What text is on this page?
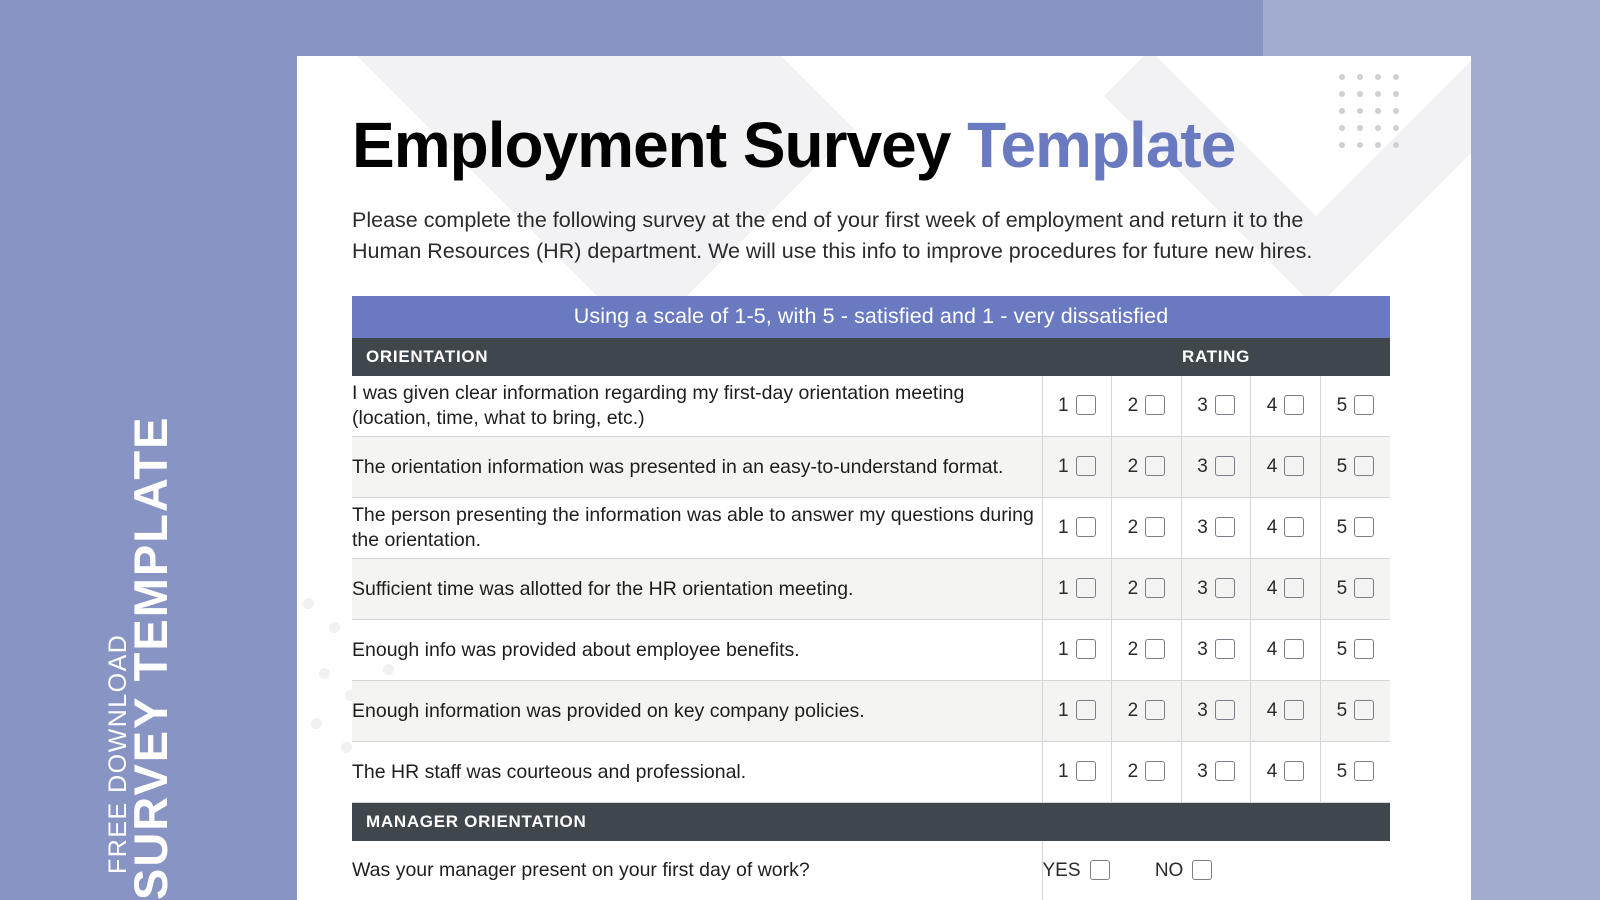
SURVEY TEMPLATE
FREE DOWNLOAD
Employment Survey Template

Please complete the following survey at the end of your first week of employment and return it to the Human Resources (HR) department. We will use this info to improve procedures for future new hires.

Using a scale of 1-5, with 5 - satisfied and 1 - very dissatisfied					
ORIENTATION	RATING				
I was given clear information regarding my first-day orientation meeting (location, time, what to bring, etc.)	1	2	3	4	5
The orientation information was presented in an easy-to-understand format.	1	2	3	4	5
The person presenting the information was able to answer my questions during the orientation.	1	2	3	4	5
Sufficient time was allotted for the HR orientation meeting.	1	2	3	4	5
Enough info was provided about employee benefits.	1	2	3	4	5
Enough information was provided on key company policies.	1	2	3	4	5
The HR staff was courteous and professional.	1	2	3	4	5
MANAGER ORIENTATION					
Was your manager present on your first day of work?	YES NO				
